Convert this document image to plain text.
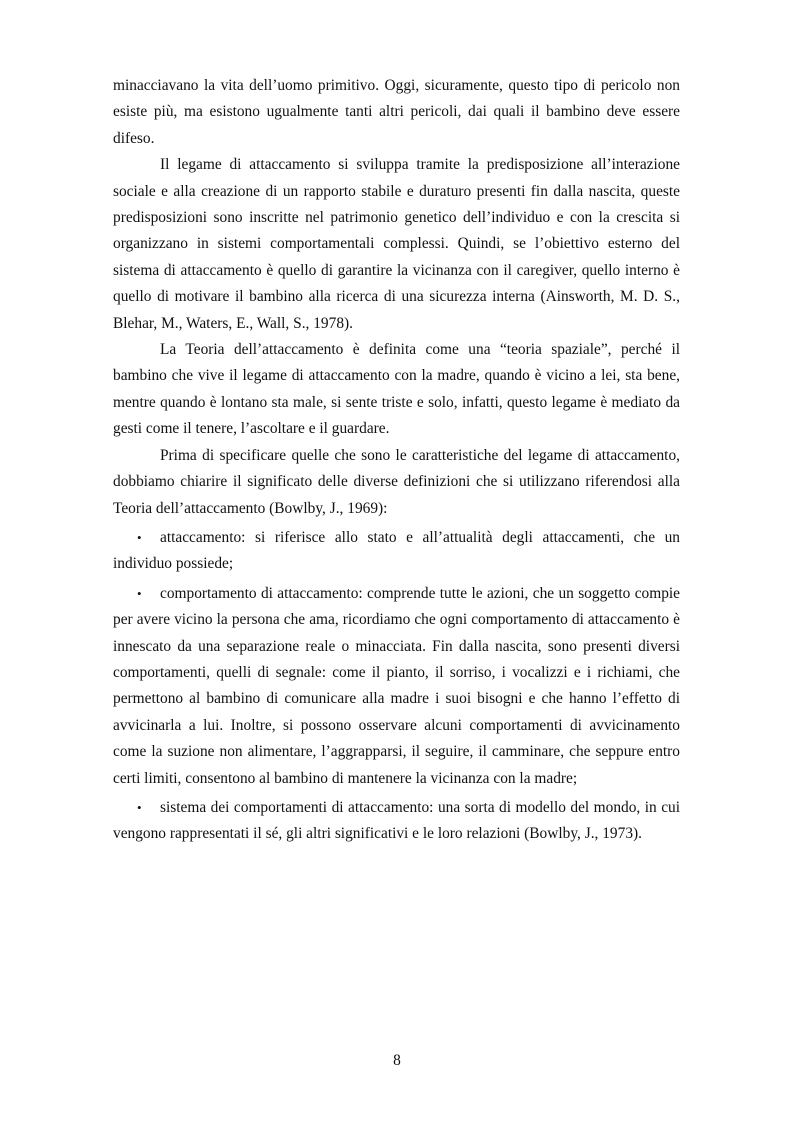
minacciavano la vita dell’uomo primitivo. Oggi, sicuramente, questo tipo di pericolo non esiste più, ma esistono ugualmente tanti altri pericoli, dai quali il bambino deve essere difeso.

Il legame di attaccamento si sviluppa tramite la predisposizione all’interazione sociale e alla creazione di un rapporto stabile e duraturo presenti fin dalla nascita, queste predisposizioni sono inscritte nel patrimonio genetico dell’individuo e con la crescita si organizzano in sistemi comportamentali complessi. Quindi, se l’obiettivo esterno del sistema di attaccamento è quello di garantire la vicinanza con il caregiver, quello interno è quello di motivare il bambino alla ricerca di una sicurezza interna (Ainsworth, M. D. S., Blehar, M., Waters, E., Wall, S., 1978).

La Teoria dell’attaccamento è definita come una “teoria spaziale”, perché il bambino che vive il legame di attaccamento con la madre, quando è vicino a lei, sta bene, mentre quando è lontano sta male, si sente triste e solo, infatti, questo legame è mediato da gesti come il tenere, l’ascoltare e il guardare.

Prima di specificare quelle che sono le caratteristiche del legame di attaccamento, dobbiamo chiarire il significato delle diverse definizioni che si utilizzano riferendosi alla Teoria dell’attaccamento (Bowlby, J., 1969):

• attaccamento: si riferisce allo stato e all’attualità degli attaccamenti, che un individuo possiede;
• comportamento di attaccamento: comprende tutte le azioni, che un soggetto compie per avere vicino la persona che ama, ricordiamo che ogni comportamento di attaccamento è innescato da una separazione reale o minacciata. Fin dalla nascita, sono presenti diversi comportamenti, quelli di segnale: come il pianto, il sorriso, i vocalizzi e i richiami, che permettono al bambino di comunicare alla madre i suoi bisogni e che hanno l’effetto di avvicinarla a lui. Inoltre, si possono osservare alcuni comportamenti di avvicinamento come la suzione non alimentare, l’aggrapparsi, il seguire, il camminare, che seppure entro certi limiti, consentono al bambino di mantenere la vicinanza con la madre;
• sistema dei comportamenti di attaccamento: una sorta di modello del mondo, in cui vengono rappresentati il sé, gli altri significativi e le loro relazioni (Bowlby, J., 1973).
8
